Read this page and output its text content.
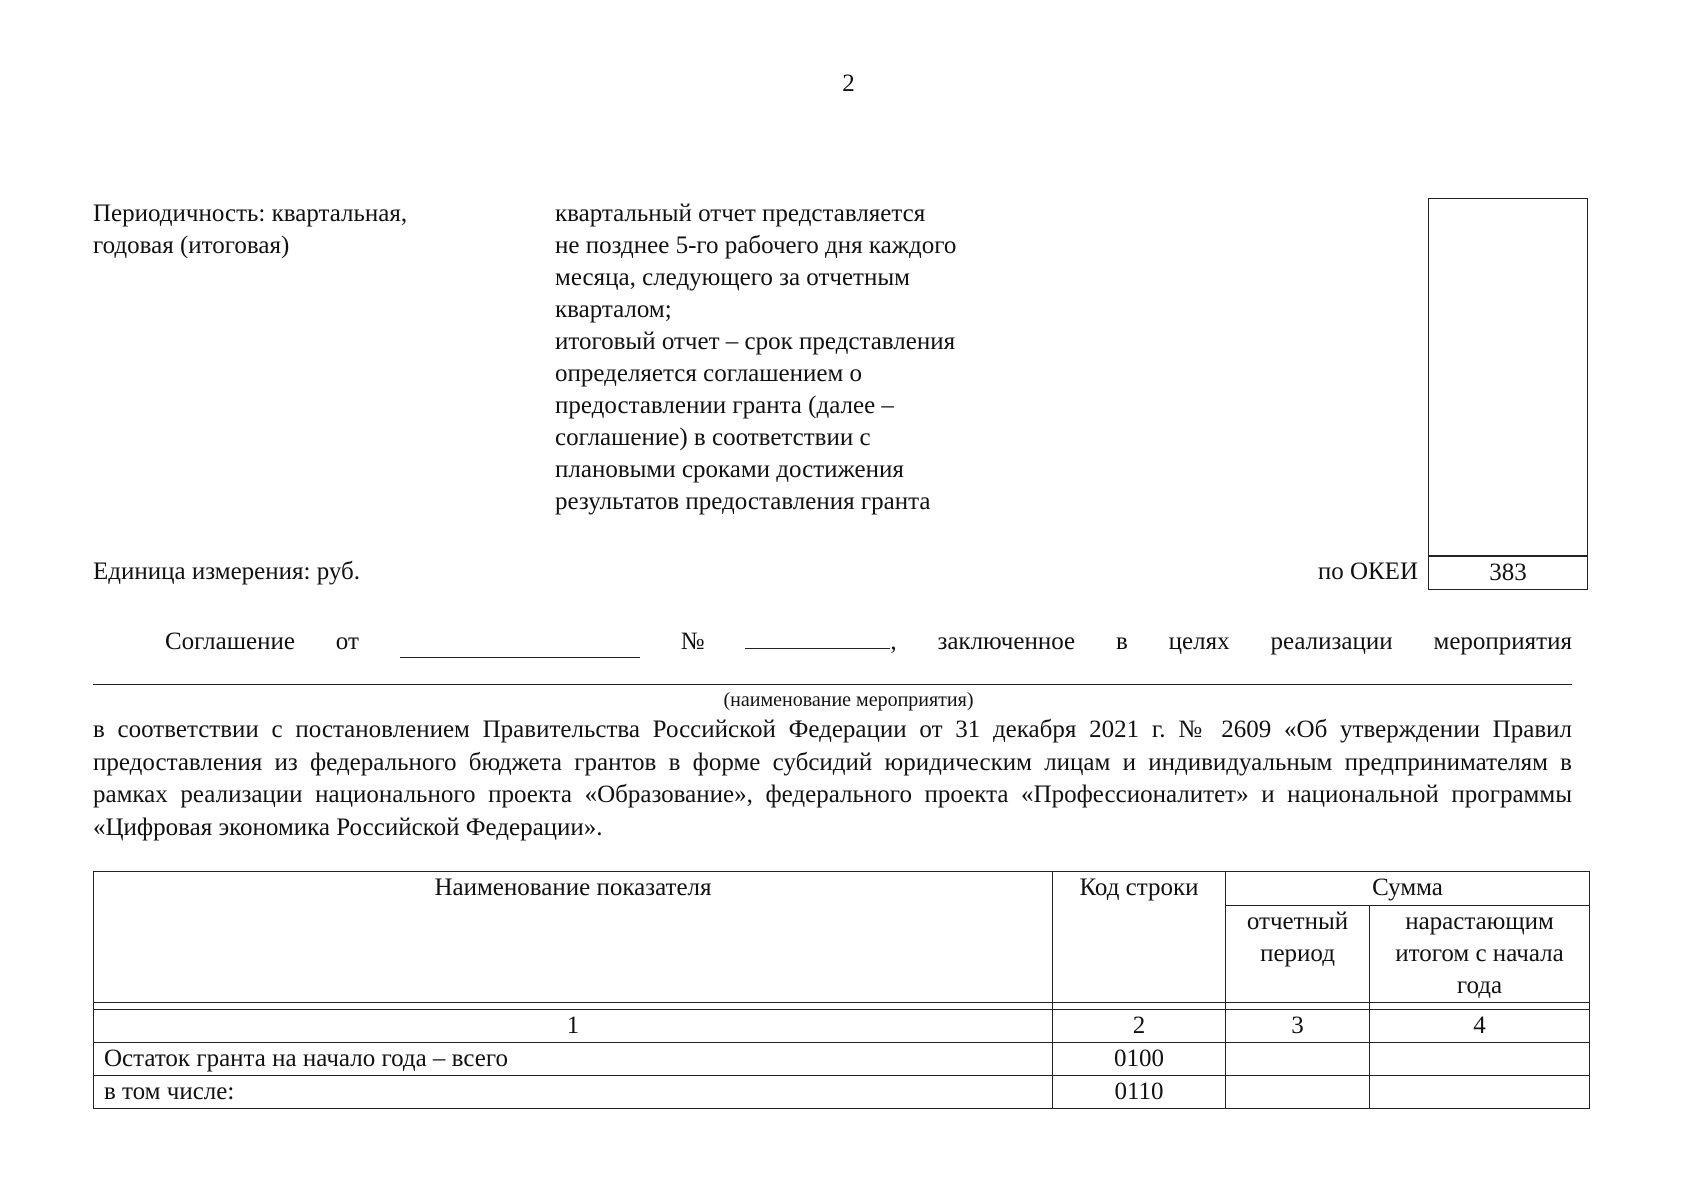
2
Периодичность: квартальная,
годовая (итоговая)
квартальный отчет представляется
не позднее 5-го рабочего дня каждого
месяца, следующего за отчетным
кварталом;
итоговый отчет – срок представления
определяется соглашением о
предоставлении гранта (далее –
соглашение) в соответствии с
плановыми сроками достижения
результатов предоставления гранта
по ОКЕИ	383
Единица измерения: руб.
Соглашение от	№	, заключенное в целях реализации мероприятия
(наименование мероприятия)
в соответствии с постановлением Правительства Российской Федерации от 31 декабря 2021 г. № 2609 «Об утверждении Правил предоставления из федерального бюджета грантов в форме субсидий юридическим лицам и индивидуальным предпринимателям в рамках реализации национального проекта «Образование», федерального проекта «Профессионалитет» и национальной программы «Цифровая экономика Российской Федерации».
Наименование показателя	Код строки	Сумма	
		отчетный период	нарастающим итогом с начала года

1	2	3	4
Остаток гранта на начало года – всего	0100		
в том числе:	0110		
